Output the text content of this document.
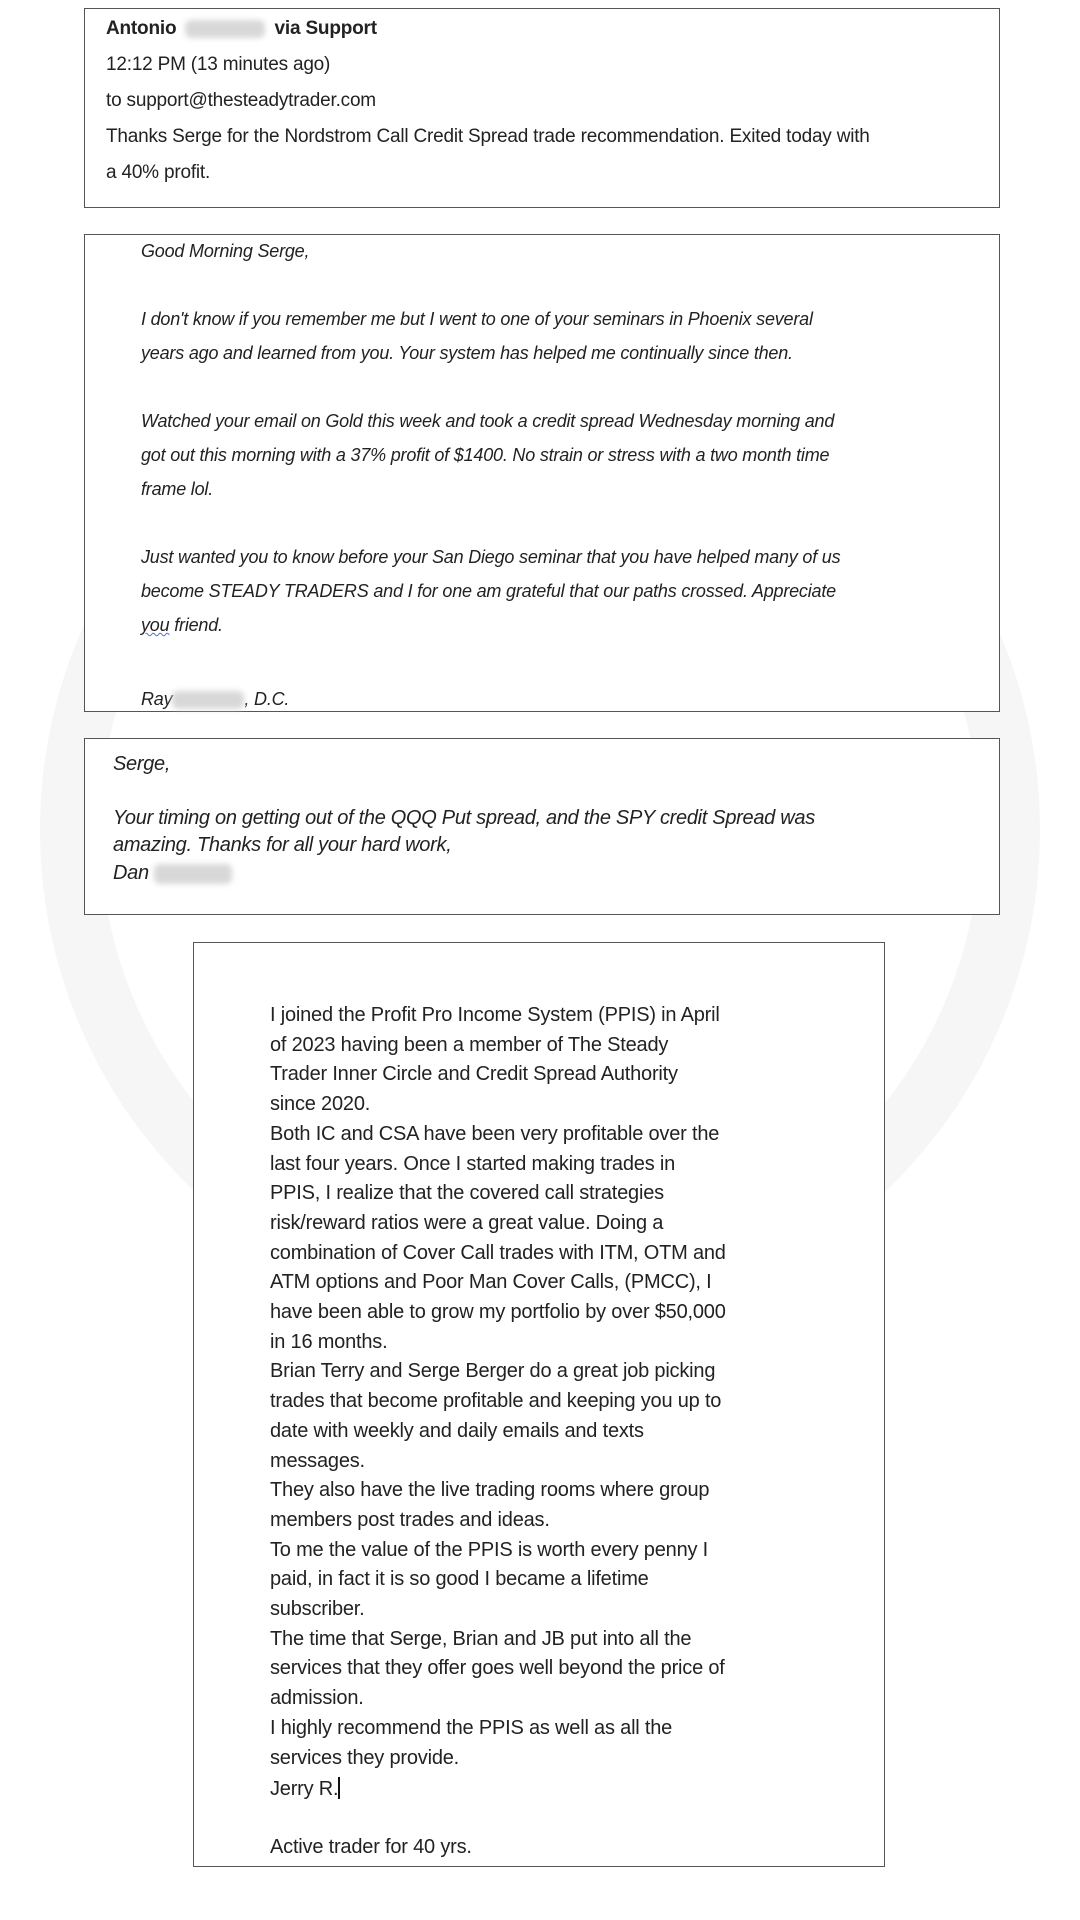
Antonio	via Support
12:12 PM (13 minutes ago)
to support@thesteadytrader.com
Thanks Serge for the Nordstrom Call Credit Spread trade recommendation. Exited today with
a 40% profit.
Good Morning Serge,
I don't know if you remember me but I went to one of your seminars in Phoenix several
years ago and learned from you. Your system has helped me continually since then.
Watched your email on Gold this week and took a credit spread Wednesday morning and
got out this morning with a 37% profit of $1400. No strain or stress with a two month time
frame lol.
Just wanted you to know before your San Diego seminar that you have helped many of us
become STEADY TRADERS and I for one am grateful that our paths crossed. Appreciate
you friend.
Ray	, D.C.
Serge,
Your timing on getting out of the QQQ Put spread, and the SPY credit Spread was
amazing. Thanks for all your hard work,
Dan
I joined the Profit Pro Income System (PPIS) in April
of 2023 having been a member of The Steady
Trader Inner Circle and Credit Spread Authority
since 2020.
Both IC and CSA have been very profitable over the
last four years. Once I started making trades in
PPIS, I realize that the covered call strategies
risk/reward ratios were a great value. Doing a
combination of Cover Call trades with ITM, OTM and
ATM options and Poor Man Cover Calls, (PMCC), I
have been able to grow my portfolio by over $50,000
in 16 months.
Brian Terry and Serge Berger do a great job picking
trades that become profitable and keeping you up to
date with weekly and daily emails and texts
messages.
They also have the live trading rooms where group
members post trades and ideas.
To me the value of the PPIS is worth every penny I
paid, in fact it is so good I became a lifetime
subscriber.
The time that Serge, Brian and JB put into all the
services that they offer goes well beyond the price of
admission.
I highly recommend the PPIS as well as all the
services they provide.
Jerry R.
Active trader for 40 yrs.
